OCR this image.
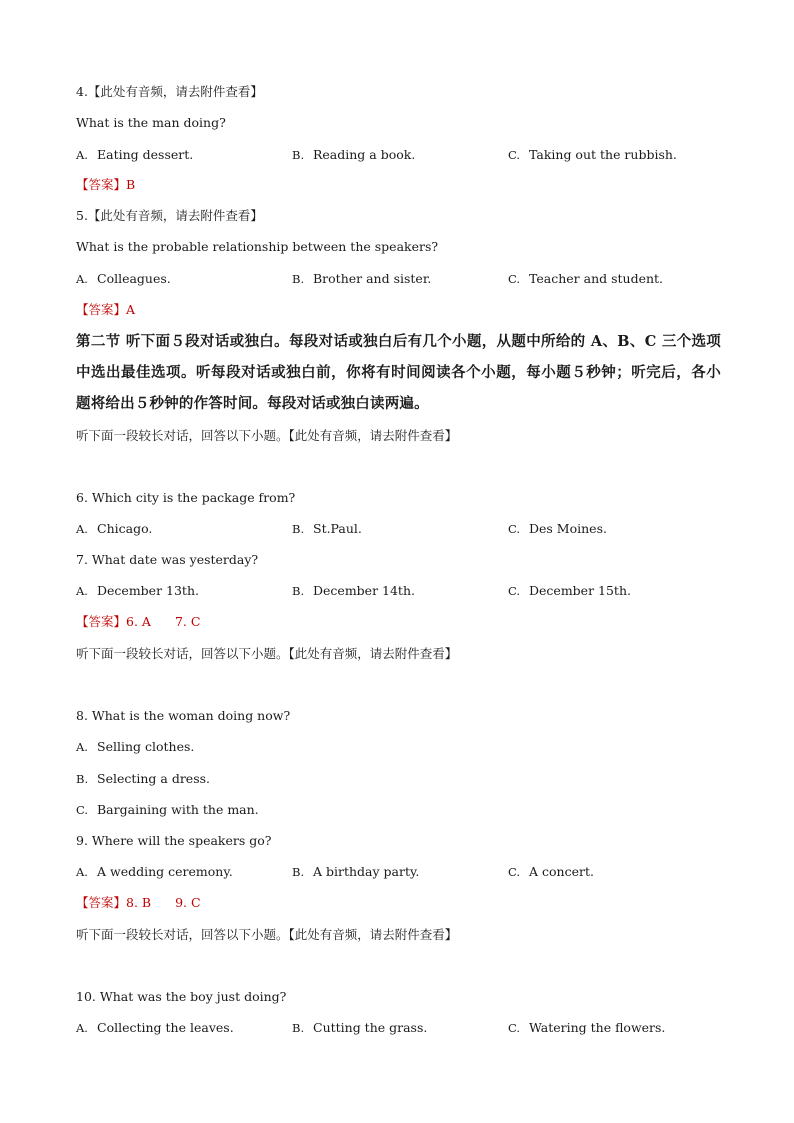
4.【此处有音频，请去附件查看】
What is the man doing?
A. Eating dessert.	B. Reading a book.	C. Taking out the rubbish.
【答案】B
5.【此处有音频，请去附件查看】
What is the probable relationship between the speakers?
A. Colleagues.	B. Brother and sister.	C. Teacher and student.
【答案】A
第二节 听下面５段对话或独白。每段对话或独白后有几个小题，从题中所给的 A、B、C 三个选项中选出最佳选项。听每段对话或独白前，你将有时间阅读各个小题，每小题５秒钟；听完后，各小题将给出５秒钟的作答时间。每段对话或独白读两遍。
听下面一段较长对话，回答以下小题。【此处有音频，请去附件查看】
6. Which city is the package from?
A. Chicago.	B. St.Paul.	C. Des Moines.
7. What date was yesterday?
A. December 13th.	B. December 14th.	C. December 15th.
【答案】6. A 7. C
听下面一段较长对话，回答以下小题。【此处有音频，请去附件查看】
8. What is the woman doing now?
A. Selling clothes.
B. Selecting a dress.
C. Bargaining with the man.
9. Where will the speakers go?
A. A wedding ceremony.	B. A birthday party.	C. A concert.
【答案】8. B 9. C
听下面一段较长对话，回答以下小题。【此处有音频，请去附件查看】
10. What was the boy just doing?
A. Collecting the leaves.	B. Cutting the grass.	C. Watering the flowers.
